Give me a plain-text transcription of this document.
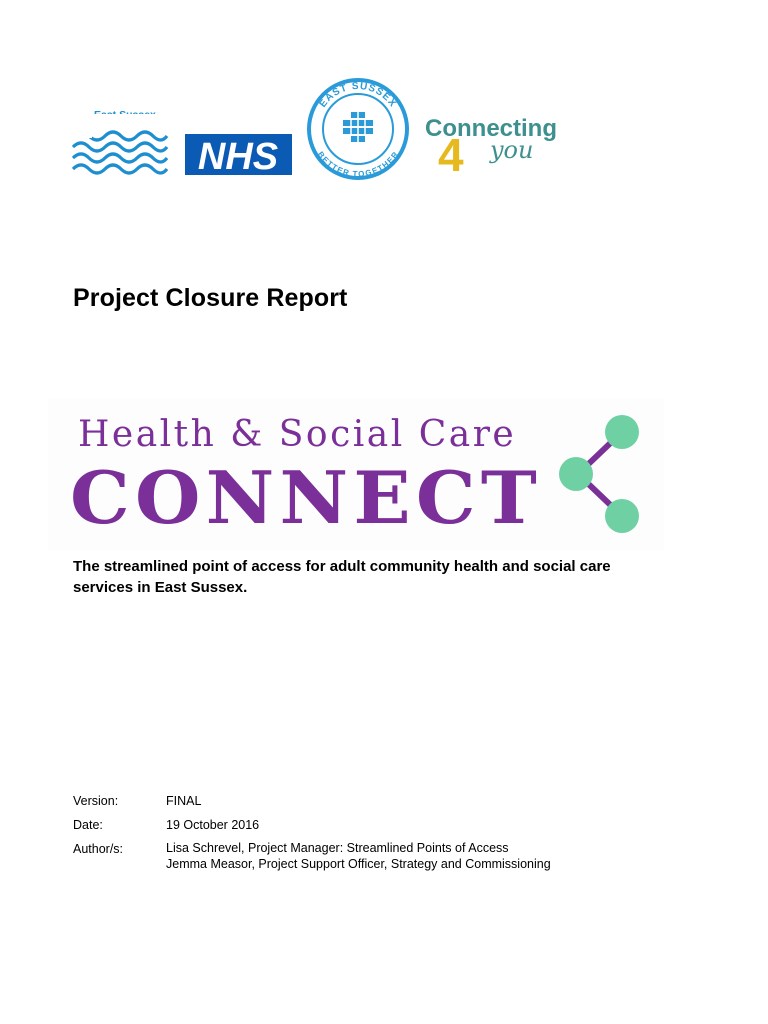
NHS
EAST SUSSEX
BETTER TOGETHER
Connecting
4 you
Project Closure Report
Health & Social Care
CONNECT

The streamlined point of access for adult community health and social care services in East Sussex.

Version:	FINAL
Date:	19 October 2016
Author/s:	Lisa Schrevel, Project Manager: Streamlined Points of Access
Jemma Measor, Project Support Officer, Strategy and Commissioning
